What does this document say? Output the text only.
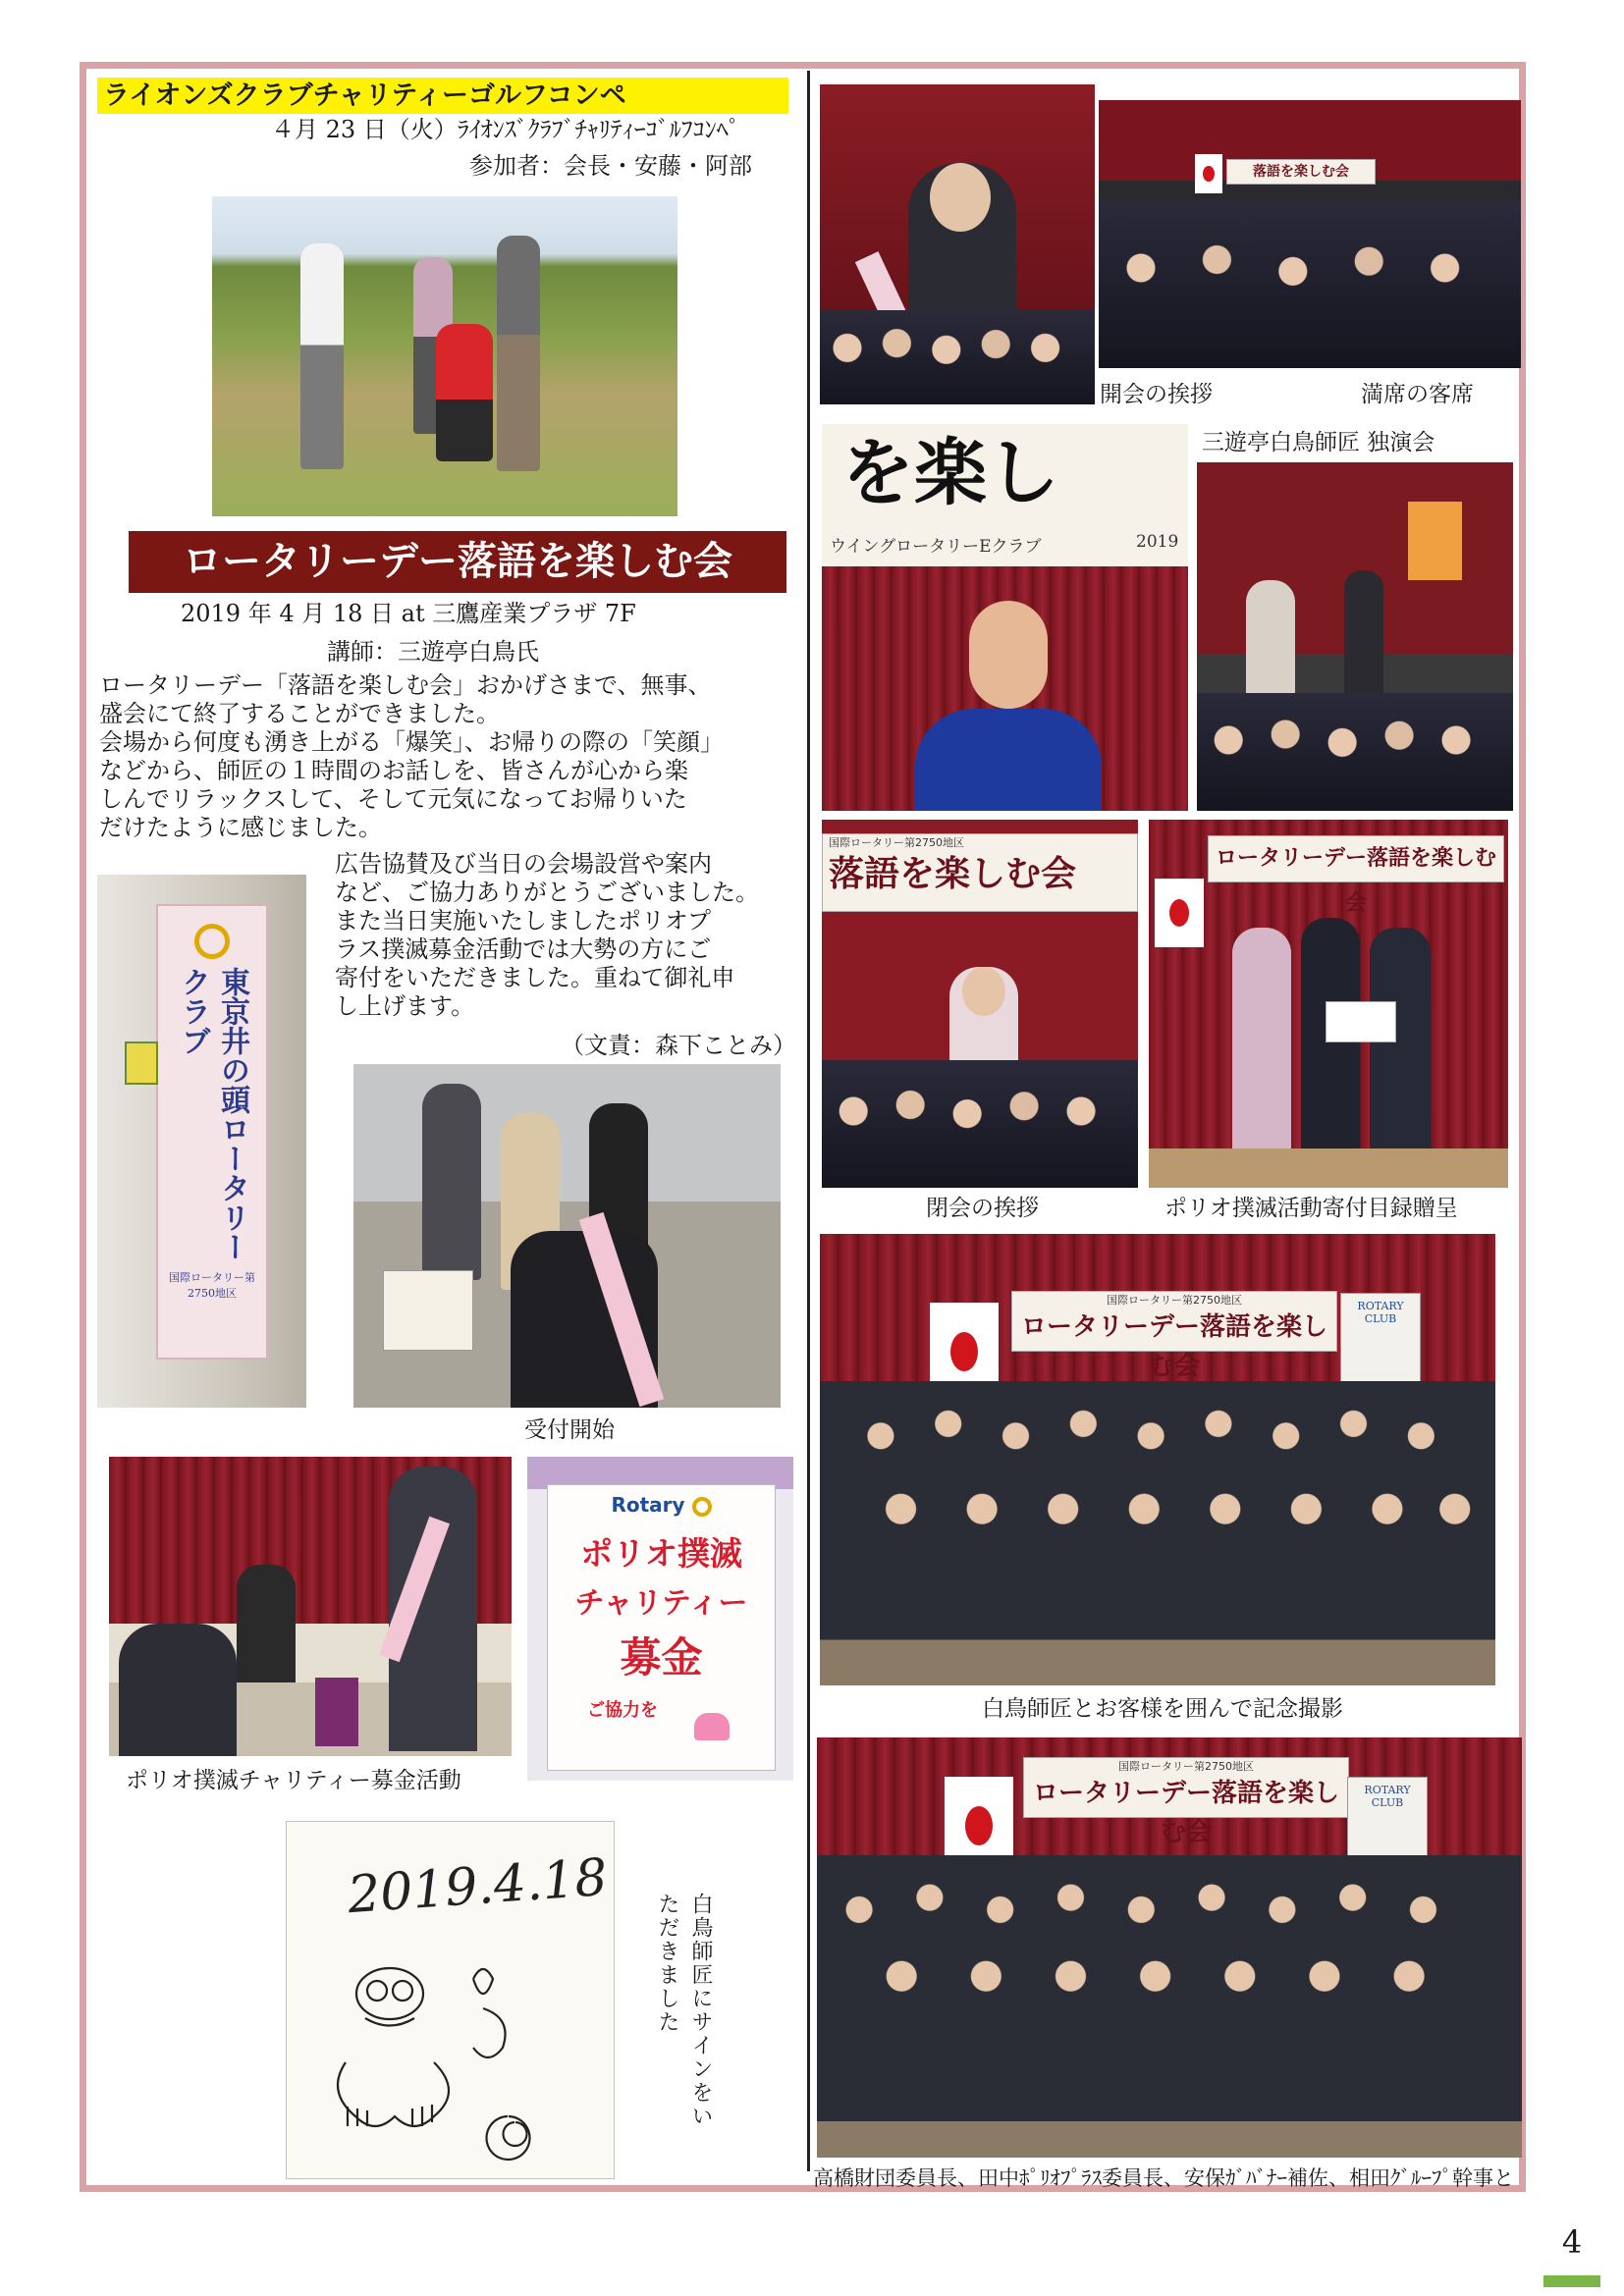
ライオンズクラブチャリティーゴルフコンペ
４月 23 日（火）ﾗｲｵﾝｽﾞｸﾗﾌﾞﾁｬﾘﾃｨｰｺﾞﾙﾌｺﾝﾍﾟ
参加者：会長・安藤・阿部
ロータリーデー落語を楽しむ会
2019 年 4 月 18 日 at 三鷹産業プラザ 7F
講師：三遊亭白鳥氏
ロータリーデー「落語を楽しむ会」おかげさまで、無事、
盛会にて終了することができました。
会場から何度も湧き上がる「爆笑」、お帰りの際の「笑顔」
などから、師匠の１時間のお話しを、皆さんが心から楽
しんでリラックスして、そして元気になってお帰りいた
だけたように感じました。
広告協賛及び当日の会場設営や案内
など、ご協力ありがとうございました。
また当日実施いたしましたポリオプ
ラス撲滅募金活動では大勢の方にご
寄付をいただきました。重ねて御礼申
し上げます。
（文責：森下ことみ）
東京井の頭ロータリークラブ
国際ロータリー第2750地区
受付開始
ポリオ撲滅チャリティー募金活動
Rotary
ポリオ撲滅
チャリティー
募金
ご協力を
2019.4.18
白鳥師匠にサインをいただきました
開会の挨拶
落語を楽しむ会
満席の客席
三遊亭白鳥師匠 独演会
を楽し
ウイングロータリーEクラブ	2019
国際ロータリー第2750地区
落語を楽しむ会
閉会の挨拶
ロータリーデー落語を楽しむ会
ポリオ撲滅活動寄付目録贈呈
国際ロータリー第2750地区
ロータリーデー落語を楽しむ会
ROTARY CLUB
白鳥師匠とお客様を囲んで記念撮影
国際ロータリー第2750地区
ロータリーデー落語を楽しむ会
ROTARY CLUB
高橋財団委員長、田中ﾎﾟﾘｵﾌﾟﾗｽ委員長、安保ｶﾞﾊﾞﾅｰ補佐、相田ｸﾞﾙｰﾌﾟ幹事と
4
